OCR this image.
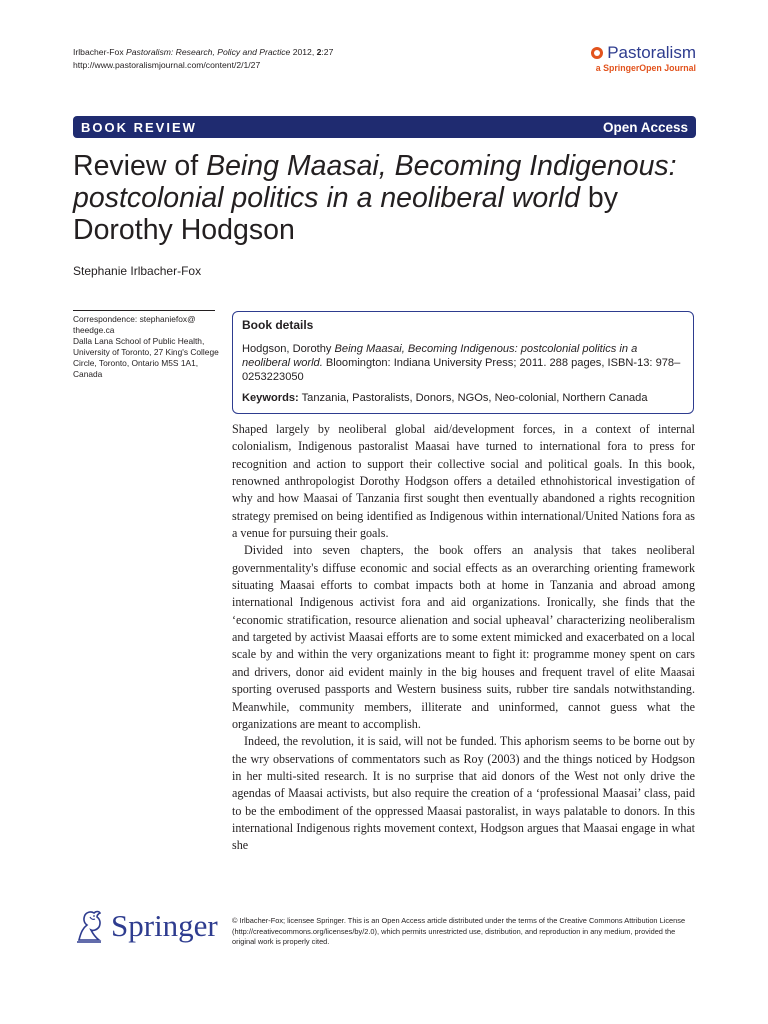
Irlbacher-Fox Pastoralism: Research, Policy and Practice 2012, 2:27
http://www.pastoralismjournal.com/content/2/1/27
Pastoralism
a SpringerOpen Journal
BOOK REVIEW	Open Access
Review of Being Maasai, Becoming Indigenous: postcolonial politics in a neoliberal world by Dorothy Hodgson
Stephanie Irlbacher-Fox
Correspondence: stephaniefox@
theedge.ca
Dalla Lana School of Public Health, University of Toronto, 27 King's College Circle, Toronto, Ontario M5S 1A1, Canada
Book details
Hodgson, Dorothy Being Maasai, Becoming Indigenous: postcolonial politics in a neoliberal world. Bloomington: Indiana University Press; 2011. 288 pages, ISBN-13: 978–0253223050
Keywords: Tanzania, Pastoralists, Donors, NGOs, Neo-colonial, Northern Canada

Shaped largely by neoliberal global aid/development forces, in a context of internal colonialism, Indigenous pastoralist Maasai have turned to international fora to press for recognition and action to support their collective social and political goals. In this book, renowned anthropologist Dorothy Hodgson offers a detailed ethnohistorical investigation of why and how Maasai of Tanzania first sought then eventually abandoned a rights recognition strategy premised on being identified as Indigenous within international/United Nations fora as a venue for pursuing their goals.

Divided into seven chapters, the book offers an analysis that takes neoliberal governmentality's diffuse economic and social effects as an overarching orienting framework situating Maasai efforts to combat impacts both at home in Tanzania and abroad among international Indigenous activist fora and aid organizations. Ironically, she finds that the ‘economic stratification, resource alienation and social upheaval’ characterizing neoliberalism and targeted by activist Maasai efforts are to some extent mimicked and exacerbated on a local scale by and within the very organizations meant to fight it: programme money spent on cars and drivers, donor aid evident mainly in the big houses and frequent travel of elite Maasai sporting overused passports and Western business suits, rubber tire sandals notwithstanding. Meanwhile, community members, illiterate and uninformed, cannot guess what the organizations are meant to accomplish.

Indeed, the revolution, it is said, will not be funded. This aphorism seems to be borne out by the wry observations of commentators such as Roy (2003) and the things noticed by Hodgson in her multi-sited research. It is no surprise that aid donors of the West not only drive the agendas of Maasai activists, but also require the creation of a ‘professional Maasai’ class, paid to be the embodiment of the oppressed Maasai pastoralist, in ways palatable to donors. In this international Indigenous rights movement context, Hodgson argues that Maasai engage in what she

Springer © Irlbacher-Fox; licensee Springer. This is an Open Access article distributed under the terms of the Creative Commons Attribution License (http://creativecommons.org/licenses/by/2.0), which permits unrestricted use, distribution, and reproduction in any medium, provided the original work is properly cited.
